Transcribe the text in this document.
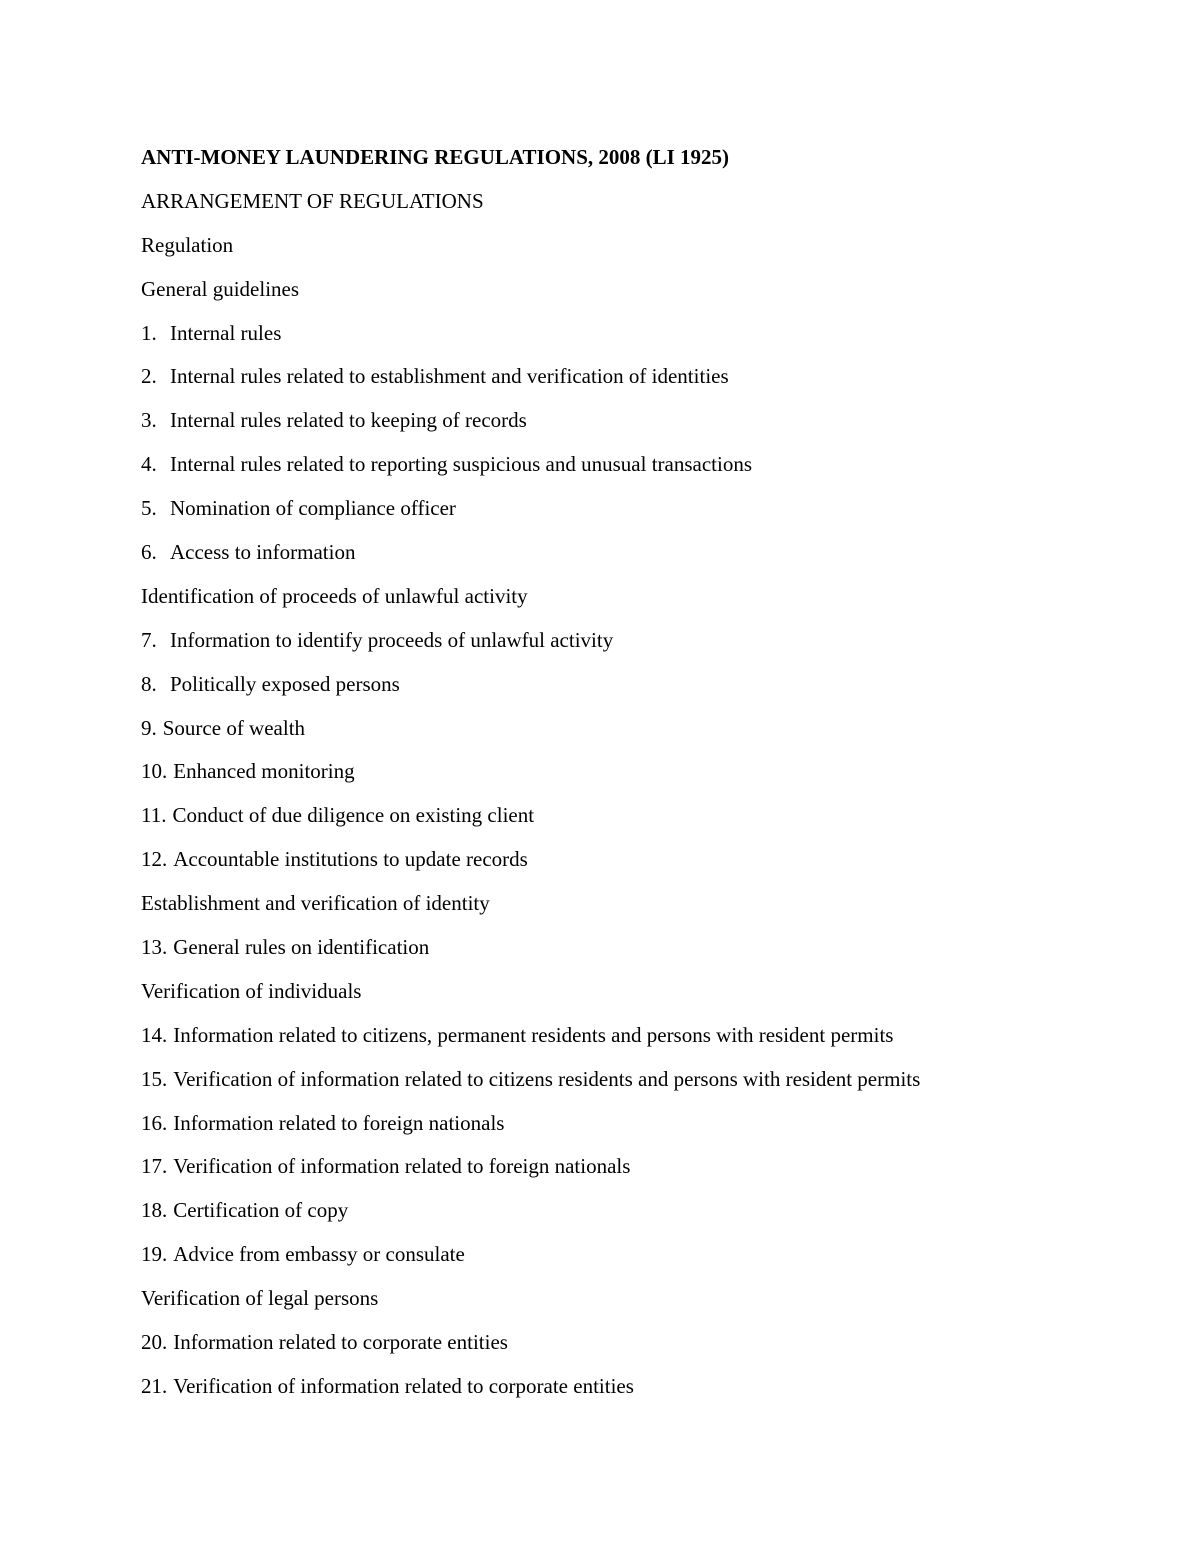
ANTI-MONEY LAUNDERING REGULATIONS, 2008 (LI 1925)
ARRANGEMENT OF REGULATIONS
Regulation
General guidelines
1. Internal rules
2. Internal rules related to establishment and verification of identities
3. Internal rules related to keeping of records
4. Internal rules related to reporting suspicious and unusual transactions
5. Nomination of compliance officer
6. Access to information
Identification of proceeds of unlawful activity
7. Information to identify proceeds of unlawful activity
8. Politically exposed persons
9. Source of wealth
10. Enhanced monitoring
11. Conduct of due diligence on existing client
12. Accountable institutions to update records
Establishment and verification of identity
13. General rules on identification
Verification of individuals
14. Information related to citizens, permanent residents and persons with resident permits
15. Verification of information related to citizens residents and persons with resident permits
16. Information related to foreign nationals
17. Verification of information related to foreign nationals
18. Certification of copy
19. Advice from embassy or consulate
Verification of legal persons
20. Information related to corporate entities
21. Verification of information related to corporate entities
